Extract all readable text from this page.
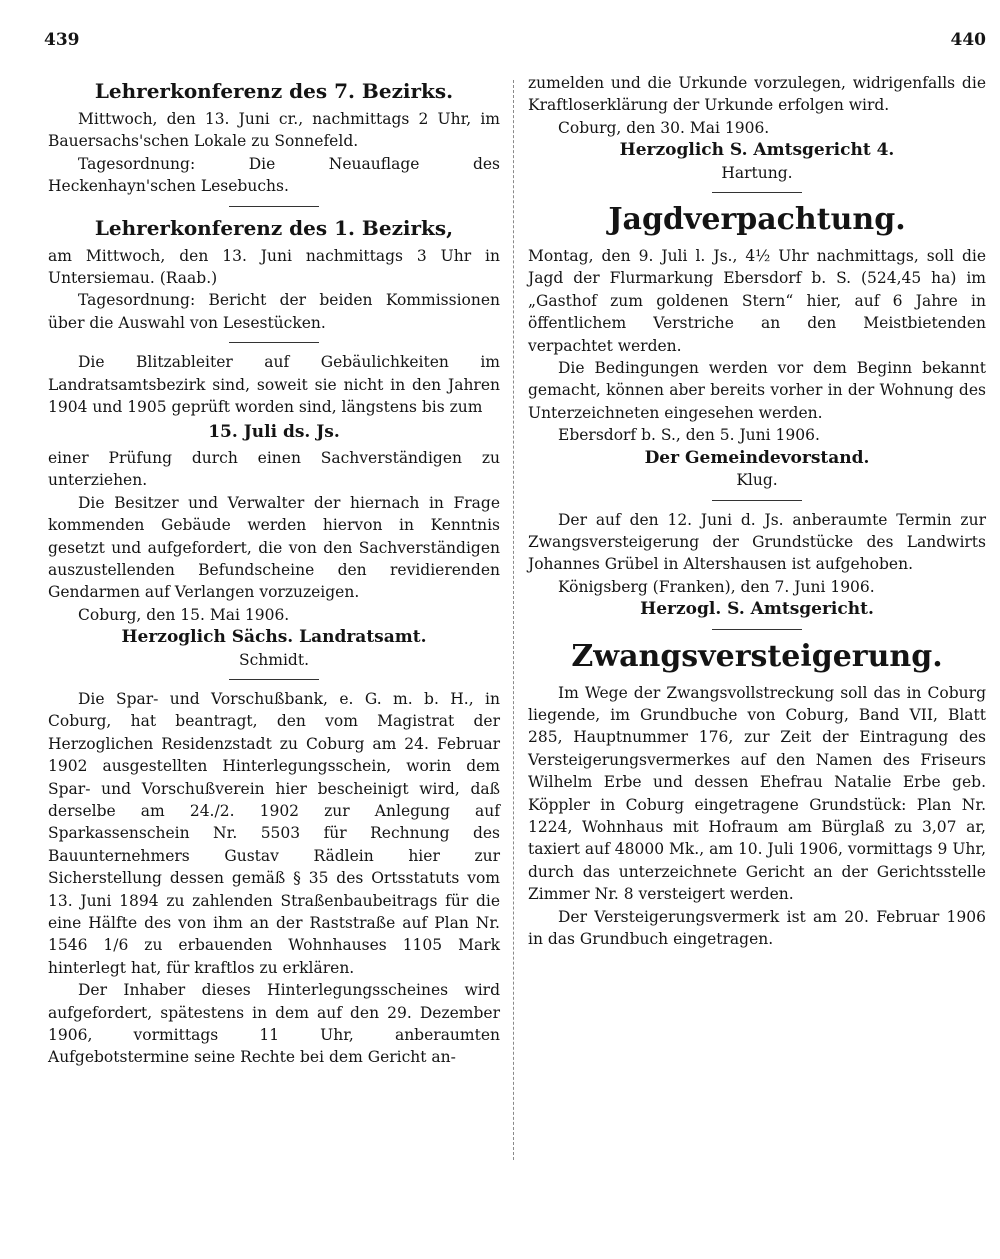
439	440
Lehrerkonferenz des 7. Bezirks.

Mittwoch, den 13. Juni cr., nachmittags 2 Uhr, im Bauersachs'schen Lokale zu Sonnefeld.

Tagesordnung: Die Neuauflage des Heckenhayn'schen Lesebuchs.

Lehrerkonferenz des 1. Bezirks,

am Mittwoch, den 13. Juni nachmittags 3 Uhr in Untersiemau. (Raab.)

Tagesordnung: Bericht der beiden Kommissionen über die Auswahl von Lesestücken.

Die Blitzableiter auf Gebäulichkeiten im Landratsamtsbezirk sind, soweit sie nicht in den Jahren 1904 und 1905 geprüft worden sind, längstens bis zum

15. Juli ds. Js.

einer Prüfung durch einen Sachverständigen zu unterziehen.

Die Besitzer und Verwalter der hiernach in Frage kommenden Gebäude werden hiervon in Kenntnis gesetzt und aufgefordert, die von den Sachverständigen auszustellenden Befundscheine den revidierenden Gendarmen auf Verlangen vorzuzeigen.

Coburg, den 15. Mai 1906.

Herzoglich Sächs. Landratsamt.
Schmidt.

Die Spar- und Vorschußbank, e. G. m. b. H., in Coburg, hat beantragt, den vom Magistrat der Herzoglichen Residenzstadt zu Coburg am 24. Februar 1902 ausgestellten Hinterlegungsschein, worin dem Spar- und Vorschußverein hier bescheinigt wird, daß derselbe am 24./2. 1902 zur Anlegung auf Sparkassenschein Nr. 5503 für Rechnung des Bauunternehmers Gustav Rädlein hier zur Sicherstellung dessen gemäß § 35 des Ortsstatuts vom 13. Juni 1894 zu zahlenden Straßenbaubeitrags für die eine Hälfte des von ihm an der Raststraße auf Plan Nr. 1546 1/6 zu erbauenden Wohnhauses 1105 Mark hinterlegt hat, für kraftlos zu erklären.

Der Inhaber dieses Hinterlegungsscheines wird aufgefordert, spätestens in dem auf den 29. Dezember 1906, vormittags 11 Uhr, anberaumten Aufgebotstermine seine Rechte bei dem Gericht an-

zumelden und die Urkunde vorzulegen, widrigenfalls die Kraftloserklärung der Urkunde erfolgen wird.

Coburg, den 30. Mai 1906.

Herzoglich S. Amtsgericht 4.
Hartung.
Jagdverpachtung.

Montag, den 9. Juli l. Js., 4½ Uhr nachmittags, soll die Jagd der Flurmarkung Ebersdorf b. S. (524,45 ha) im „Gasthof zum goldenen Stern“ hier, auf 6 Jahre in öffentlichem Verstriche an den Meistbietenden verpachtet werden.

Die Bedingungen werden vor dem Beginn bekannt gemacht, können aber bereits vorher in der Wohnung des Unterzeichneten eingesehen werden.

Ebersdorf b. S., den 5. Juni 1906.

Der Gemeindevorstand.
Klug.

Der auf den 12. Juni d. Js. anberaumte Termin zur Zwangsversteigerung der Grundstücke des Landwirts Johannes Grübel in Altershausen ist aufgehoben.

Königsberg (Franken), den 7. Juni 1906.

Herzogl. S. Amtsgericht.
Zwangsversteigerung.

Im Wege der Zwangsvollstreckung soll das in Coburg liegende, im Grundbuche von Coburg, Band VII, Blatt 285, Hauptnummer 176, zur Zeit der Eintragung des Versteigerungsvermerkes auf den Namen des Friseurs Wilhelm Erbe und dessen Ehefrau Natalie Erbe geb. Köppler in Coburg eingetragene Grundstück: Plan Nr. 1224, Wohnhaus mit Hofraum am Bürglaß zu 3,07 ar, taxiert auf 48000 Mk., am 10. Juli 1906, vormittags 9 Uhr, durch das unterzeichnete Gericht an der Gerichtsstelle Zimmer Nr. 8 versteigert werden.

Der Versteigerungsvermerk ist am 20. Februar 1906 in das Grundbuch eingetragen.
